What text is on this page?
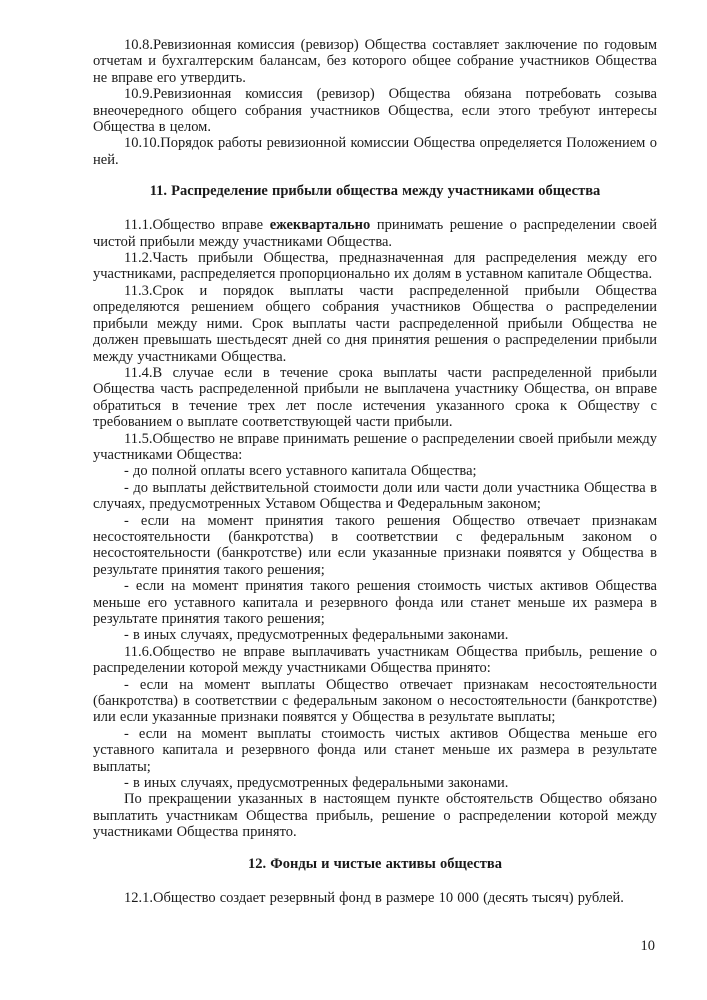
10.8.Ревизионная комиссия (ревизор) Общества составляет заключение по годовым отчетам и бухгалтерским балансам, без которого общее собрание участников Общества не вправе его утвердить.

10.9.Ревизионная комиссия (ревизор) Общества обязана потребовать созыва внеочередного общего собрания участников Общества, если этого требуют интересы Общества в целом.

10.10.Порядок работы ревизионной комиссии Общества определяется Положением о ней.

11. Распределение прибыли общества между участниками общества

11.1.Общество вправе ежеквартально принимать решение о распределении своей чистой прибыли между участниками Общества.

11.2.Часть прибыли Общества, предназначенная для распределения между его участниками, распределяется пропорционально их долям в уставном капитале Общества.

11.3.Срок и порядок выплаты части распределенной прибыли Общества определяются решением общего собрания участников Общества о распределении прибыли между ними. Срок выплаты части распределенной прибыли Общества не должен превышать шестьдесят дней со дня принятия решения о распределении прибыли между участниками Общества.

11.4.В случае если в течение срока выплаты части распределенной прибыли Общества часть распределенной прибыли не выплачена участнику Общества, он вправе обратиться в течение трех лет после истечения указанного срока к Обществу с требованием о выплате соответствующей части прибыли.

11.5.Общество не вправе принимать решение о распределении своей прибыли между участниками Общества:

- до полной оплаты всего уставного капитала Общества;

- до выплаты действительной стоимости доли или части доли участника Общества в случаях, предусмотренных Уставом Общества и Федеральным законом;

- если на момент принятия такого решения Общество отвечает признакам несостоятельности (банкротства) в соответствии с федеральным законом о несостоятельности (банкротстве) или если указанные признаки появятся у Общества в результате принятия такого решения;

- если на момент принятия такого решения стоимость чистых активов Общества меньше его уставного капитала и резервного фонда или станет меньше их размера в результате принятия такого решения;

- в иных случаях, предусмотренных федеральными законами.

11.6.Общество не вправе выплачивать участникам Общества прибыль, решение о распределении которой между участниками Общества принято:

- если на момент выплаты Общество отвечает признакам несостоятельности (банкротства) в соответствии с федеральным законом о несостоятельности (банкротстве) или если указанные признаки появятся у Общества в результате выплаты;

- если на момент выплаты стоимость чистых активов Общества меньше его уставного капитала и резервного фонда или станет меньше их размера в результате выплаты;

- в иных случаях, предусмотренных федеральными законами.

По прекращении указанных в настоящем пункте обстоятельств Общество обязано выплатить участникам Общества прибыль, решение о распределении которой между участниками Общества принято.

12. Фонды и чистые активы общества

12.1.Общество создает резервный фонд в размере 10 000 (десять тысяч) рублей.

10
